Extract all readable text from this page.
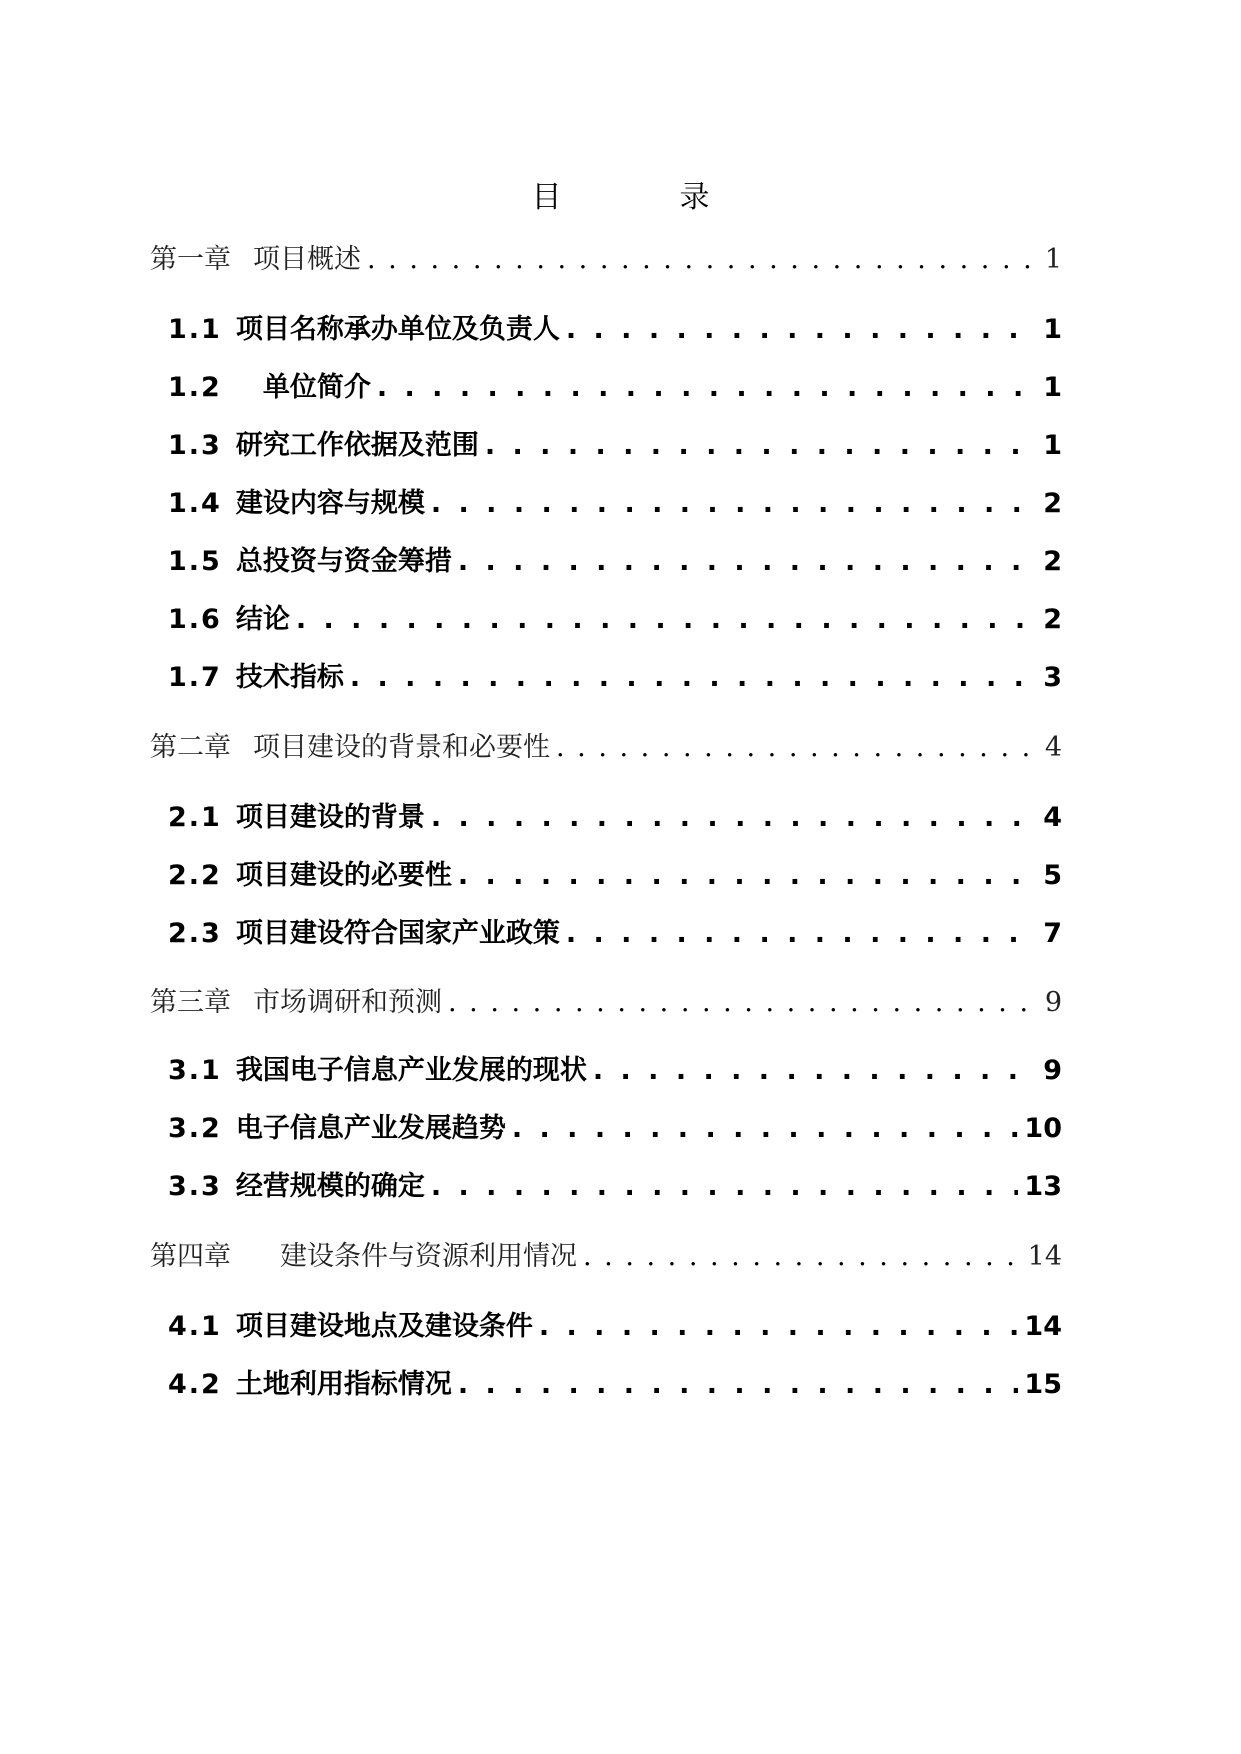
目　录
第一章 项目概述 . . .	1
1.1 项目名称承办单位及负责人 . . .	1
1.2 　单位简介 . . .	1
1.3 研究工作依据及范围 . . .	1
1.4 建设内容与规模 . . .	2
1.5 总投资与资金筹措 . . .	2
1.6 结论 . . .	2
1.7 技术指标 . . .	3
第二章 项目建设的背景和必要性 . . .	4
2.1 项目建设的背景 . . .	4
2.2 项目建设的必要性 . . .	5
2.3 项目建设符合国家产业政策 . . .	7
第三章 市场调研和预测 . . .	9
3.1 我国电子信息产业发展的现状 . . .	9
3.2 电子信息产业发展趋势 . . .	10
3.3 经营规模的确定 . . .	13
第四章 　建设条件与资源利用情况 . . .	14
4.1 项目建设地点及建设条件 . . .	14
4.2 土地利用指标情况 . . .	15
